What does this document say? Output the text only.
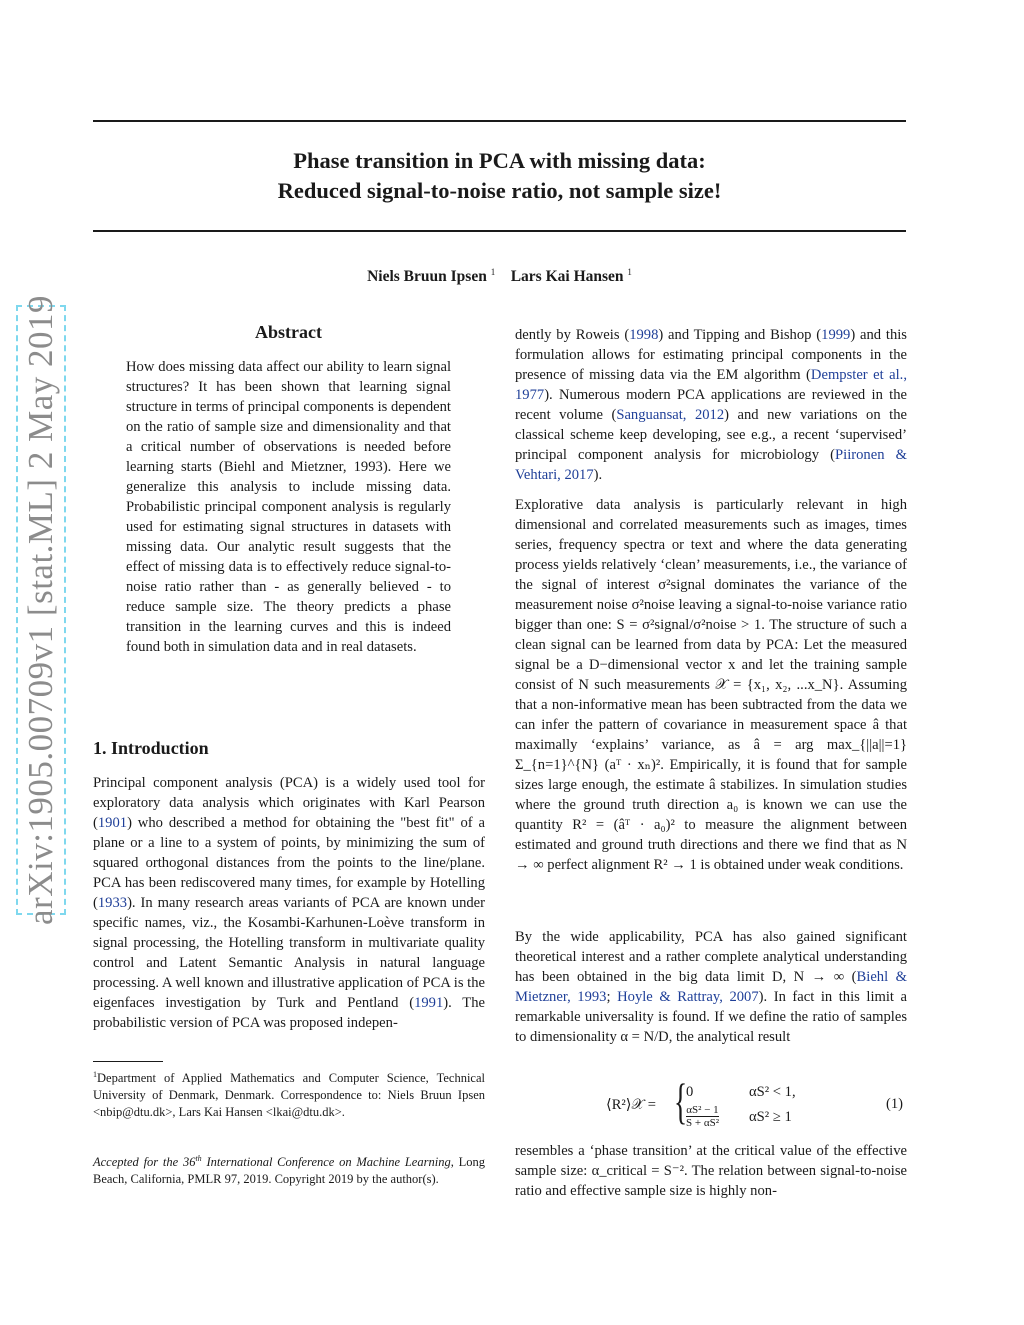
Phase transition in PCA with missing data:
Reduced signal-to-noise ratio, not sample size!
Niels Bruun Ipsen $^1$ Lars Kai Hansen $^1$
arXiv:1905.00709v1 [stat.ML] 2 May 2019	Abstract
How does missing data affect our ability to learn signal structures? It has been shown that learning signal structure in terms of principal components is dependent on the ratio of sample size and dimensionality and that a critical number of observations is needed before learning starts (Biehl and Mietzner, 1993). Here we generalize this analysis to include missing data. Probabilistic principal component analysis is regularly used for estimating signal structures in datasets with missing data. Our analytic result suggests that the effect of missing data is to effectively reduce signal-to-noise ratio rather than - as generally believed - to reduce sample size. The theory predicts a phase transition in the learning curves and this is indeed found both in simulation data and in real datasets.
1. Introduction
Principal component analysis (PCA) is a widely used tool for exploratory data analysis which originates with Karl Pearson (1901) who described a method for obtaining the "best fit" of a plane or a line to a system of points, by minimizing the sum of squared orthogonal distances from the points to the line/plane. PCA has been rediscovered many times, for example by Hotelling (1933). In many research areas variants of PCA are known under specific names, viz., the Kosambi-Karhunen-Loève transform in signal processing, the Hotelling transform in multivariate quality control and Latent Semantic Analysis in natural language processing. A well known and illustrative application of PCA is the eigenfaces investigation by Turk and Pentland (1991). The probabilistic version of PCA was proposed indepen-
$^1$Department of Applied Mathematics and Computer Science, Technical University of Denmark, Denmark. Correspondence to: Niels Bruun Ipsen <nbip@dtu.dk>, Lars Kai Hansen <lkai@dtu.dk>.
Accepted for the 36th International Conference on Machine Learning, Long Beach, California, PMLR 97, 2019. Copyright 2019 by the author(s).
dently by Roweis (1998) and Tipping and Bishop (1999) and this formulation allows for estimating principal components in the presence of missing data via the EM algorithm (Dempster et al., 1977). Numerous modern PCA applications are reviewed in the recent volume (Sanguansat, 2012) and new variations on the classical scheme keep developing, see e.g., a recent ‘supervised’ principal component analysis for microbiology (Piironen & Vehtari, 2017).
Explorative data analysis is particularly relevant in high dimensional and correlated measurements such as images, times series, frequency spectra or text and where the data generating process yields relatively ‘clean’ measurements, i.e., the variance of the signal of interest σ²signal dominates the variance of the measurement noise σ²noise leaving a signal-to-noise variance ratio bigger than one: S = σ²signal/σ²noise > 1. The structure of such a clean signal can be learned from data by PCA: Let the measured signal be a D−dimensional vector x and let the training sample consist of N such measurements 𝒳 = {x₁, x₂, ...x_N}. Assuming that a non-informative mean has been subtracted from the data we can infer the pattern of covariance in measurement space â that maximally ‘explains’ variance, as â = arg max_{||a||=1} Σ_{n=1}^{N} (aᵀ · xₙ)². Empirically, it is found that for sample sizes large enough, the estimate â stabilizes. In simulation studies where the ground truth direction a₀ is known we can use the quantity R² = (âᵀ · a₀)² to measure the alignment between estimated and ground truth directions and there we find that as N → ∞ perfect alignment R² → 1 is obtained under weak conditions.
By the wide applicability, PCA has also gained significant theoretical interest and a rather complete analytical understanding has been obtained in the big data limit D, N → ∞ (Biehl & Mietzner, 1993; Hoyle & Rattray, 2007). In fact in this limit a remarkable universality is found. If we define the ratio of samples to dimensionality α = N/D, the analytical result
⟨R²⟩𝒳 = {
0	αS² < 1,
$\frac{\text{αS² − 1}}{\text{S + αS²}} \alpha S^2 \ge 1$
(1)
resembles a ‘phase transition’ at the critical value of the effective sample size: α_critical = S⁻². The relation between signal-to-noise ratio and effective sample size is highly non-
